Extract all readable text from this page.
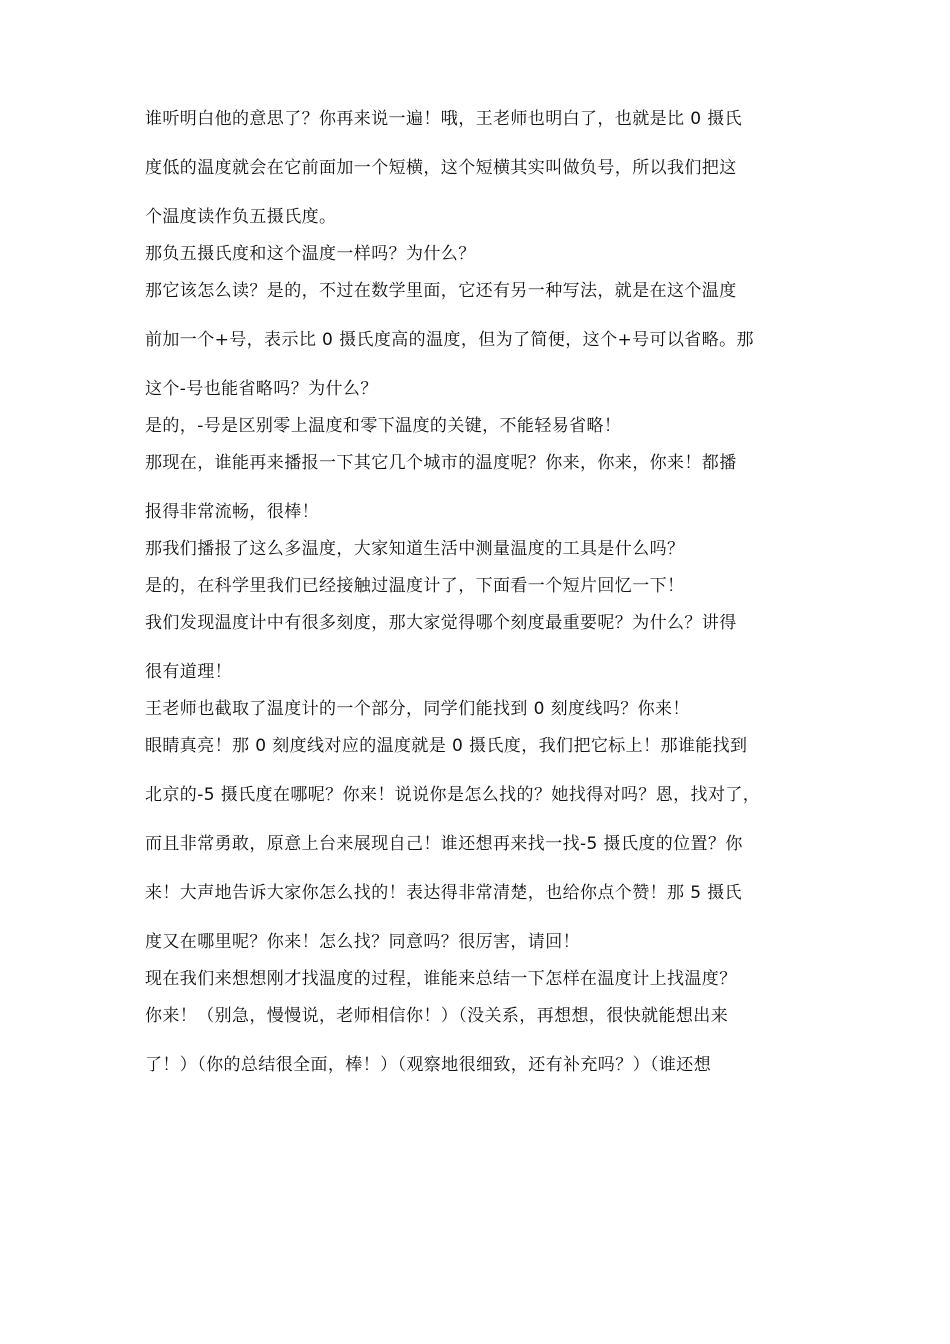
谁听明白他的意思了？你再来说一遍！哦，王老师也明白了，也就是比 0 摄氏
度低的温度就会在它前面加一个短横，这个短横其实叫做负号，所以我们把这
个温度读作负五摄氏度。
那负五摄氏度和这个温度一样吗？为什么？
那它该怎么读？是的，不过在数学里面，它还有另一种写法，就是在这个温度
前加一个+号，表示比 0 摄氏度高的温度，但为了简便，这个+号可以省略。那
这个-号也能省略吗？为什么？
是的，-号是区别零上温度和零下温度的关键，不能轻易省略！
那现在，谁能再来播报一下其它几个城市的温度呢？你来，你来，你来！都播
报得非常流畅，很棒！
那我们播报了这么多温度，大家知道生活中测量温度的工具是什么吗？
是的，在科学里我们已经接触过温度计了，下面看一个短片回忆一下！
我们发现温度计中有很多刻度，那大家觉得哪个刻度最重要呢？为什么？讲得
很有道理！
王老师也截取了温度计的一个部分，同学们能找到 0 刻度线吗？你来！
眼睛真亮！那 0 刻度线对应的温度就是 0 摄氏度，我们把它标上！那谁能找到
北京的-5 摄氏度在哪呢？你来！说说你是怎么找的？她找得对吗？恩，找对了，
而且非常勇敢，原意上台来展现自己！谁还想再来找一找-5 摄氏度的位置？你
来！大声地告诉大家你怎么找的！表达得非常清楚，也给你点个赞！那 5 摄氏
度又在哪里呢？你来！怎么找？同意吗？很厉害，请回！
现在我们来想想刚才找温度的过程，谁能来总结一下怎样在温度计上找温度？
你来！（别急，慢慢说，老师相信你！）（没关系，再想想，很快就能想出来
了！）（你的总结很全面，棒！）（观察地很细致，还有补充吗？）（谁还想
